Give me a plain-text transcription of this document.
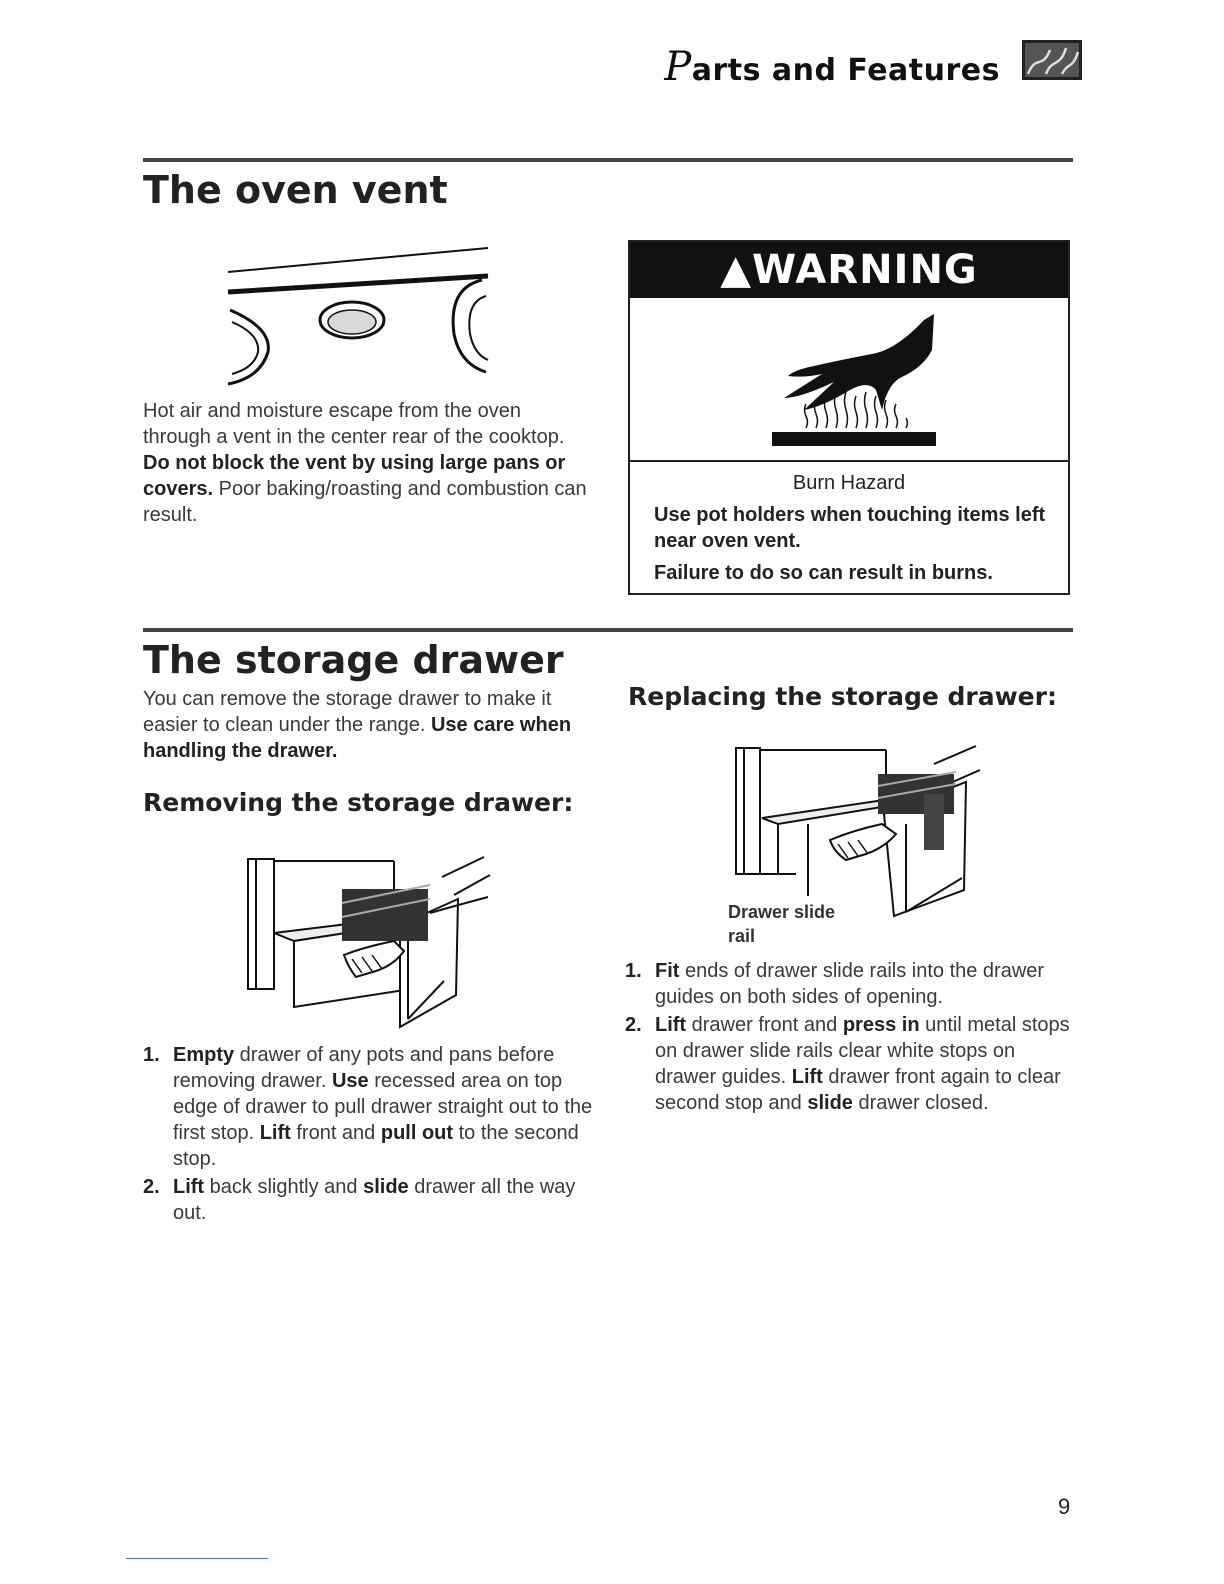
Parts and Features
The oven vent
Hot air and moisture escape from the oven through a vent in the center rear of the cooktop. Do not block the vent by using large pans or covers. Poor baking/roasting and combustion can result.
▲WARNING
Burn Hazard
Use pot holders when touching items left near oven vent.
Failure to do so can result in burns.
The storage drawer
You can remove the storage drawer to make it easier to clean under the range. Use care when handling the drawer.
Removing the storage drawer:
1. Empty drawer of any pots and pans before removing drawer. Use recessed area on top edge of drawer to pull drawer straight out to the first stop. Lift front and pull out to the second stop.
2. Lift back slightly and slide drawer all the way out.
Replacing the storage drawer:
Drawer slide
rail
1. Fit ends of drawer slide rails into the drawer guides on both sides of opening.
2. Lift drawer front and press in until metal stops on drawer slide rails clear white stops on drawer guides. Lift drawer front again to clear second stop and slide drawer closed.
9
